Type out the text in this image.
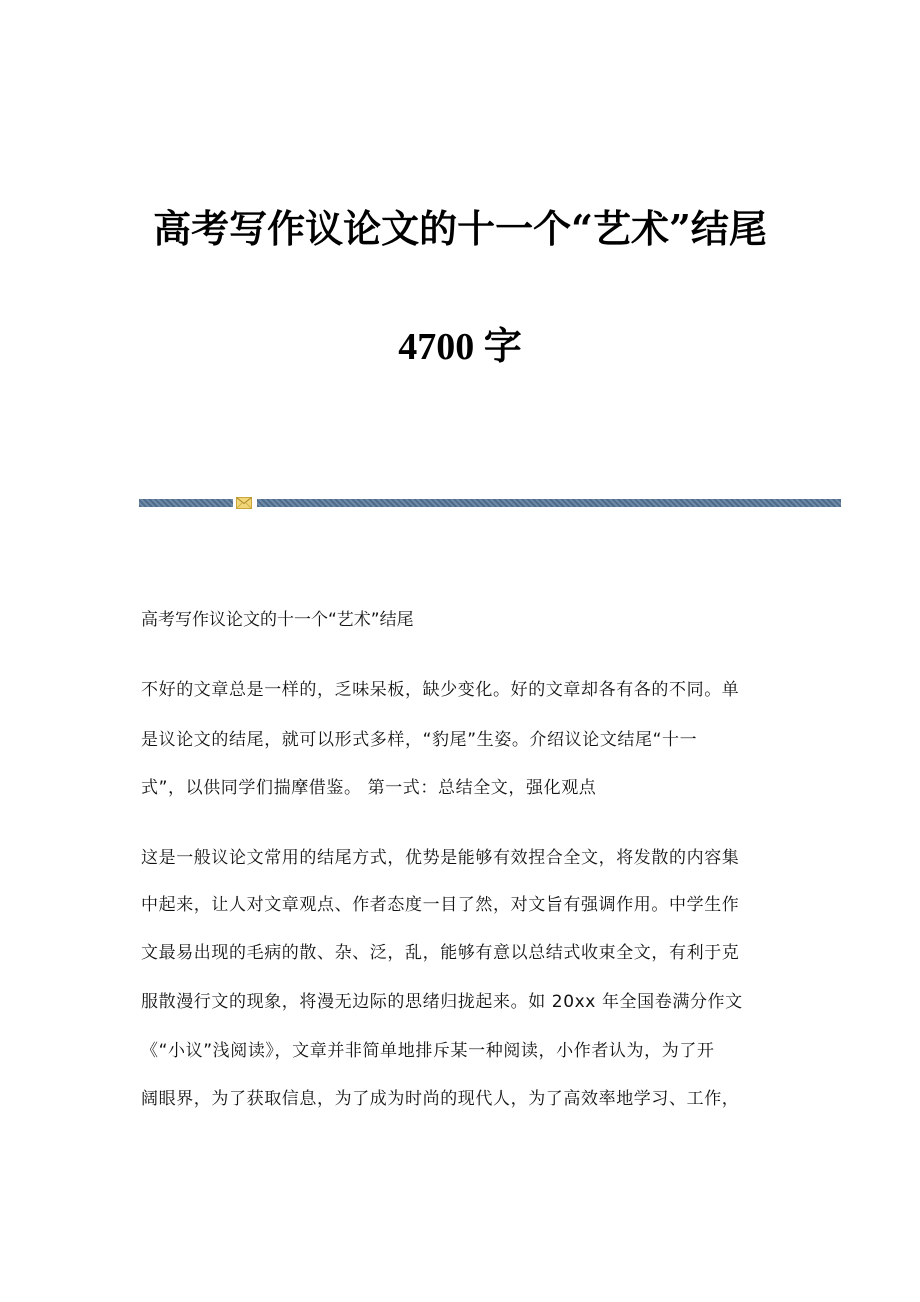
高考写作议论文的十一个“艺术”结尾
4700 字
高考写作议论文的十一个“艺术”结尾
不好的文章总是一样的，乏味呆板，缺少变化。好的文章却各有各的不同。单
是议论文的结尾，就可以形式多样，“豹尾”生姿。介绍议论文结尾“十一
式”，以供同学们揣摩借鉴。 第一式：总结全文，强化观点
这是一般议论文常用的结尾方式，优势是能够有效捏合全文，将发散的内容集
中起来，让人对文章观点、作者态度一目了然，对文旨有强调作用。中学生作
文最易出现的毛病的散、杂、泛，乱，能够有意以总结式收束全文，有利于克
服散漫行文的现象，将漫无边际的思绪归拢起来。如 20xx 年全国卷满分作文
《“小议”浅阅读》，文章并非简单地排斥某一种阅读，小作者认为，为了开
阔眼界，为了获取信息，为了成为时尚的现代人，为了高效率地学习、工作，
